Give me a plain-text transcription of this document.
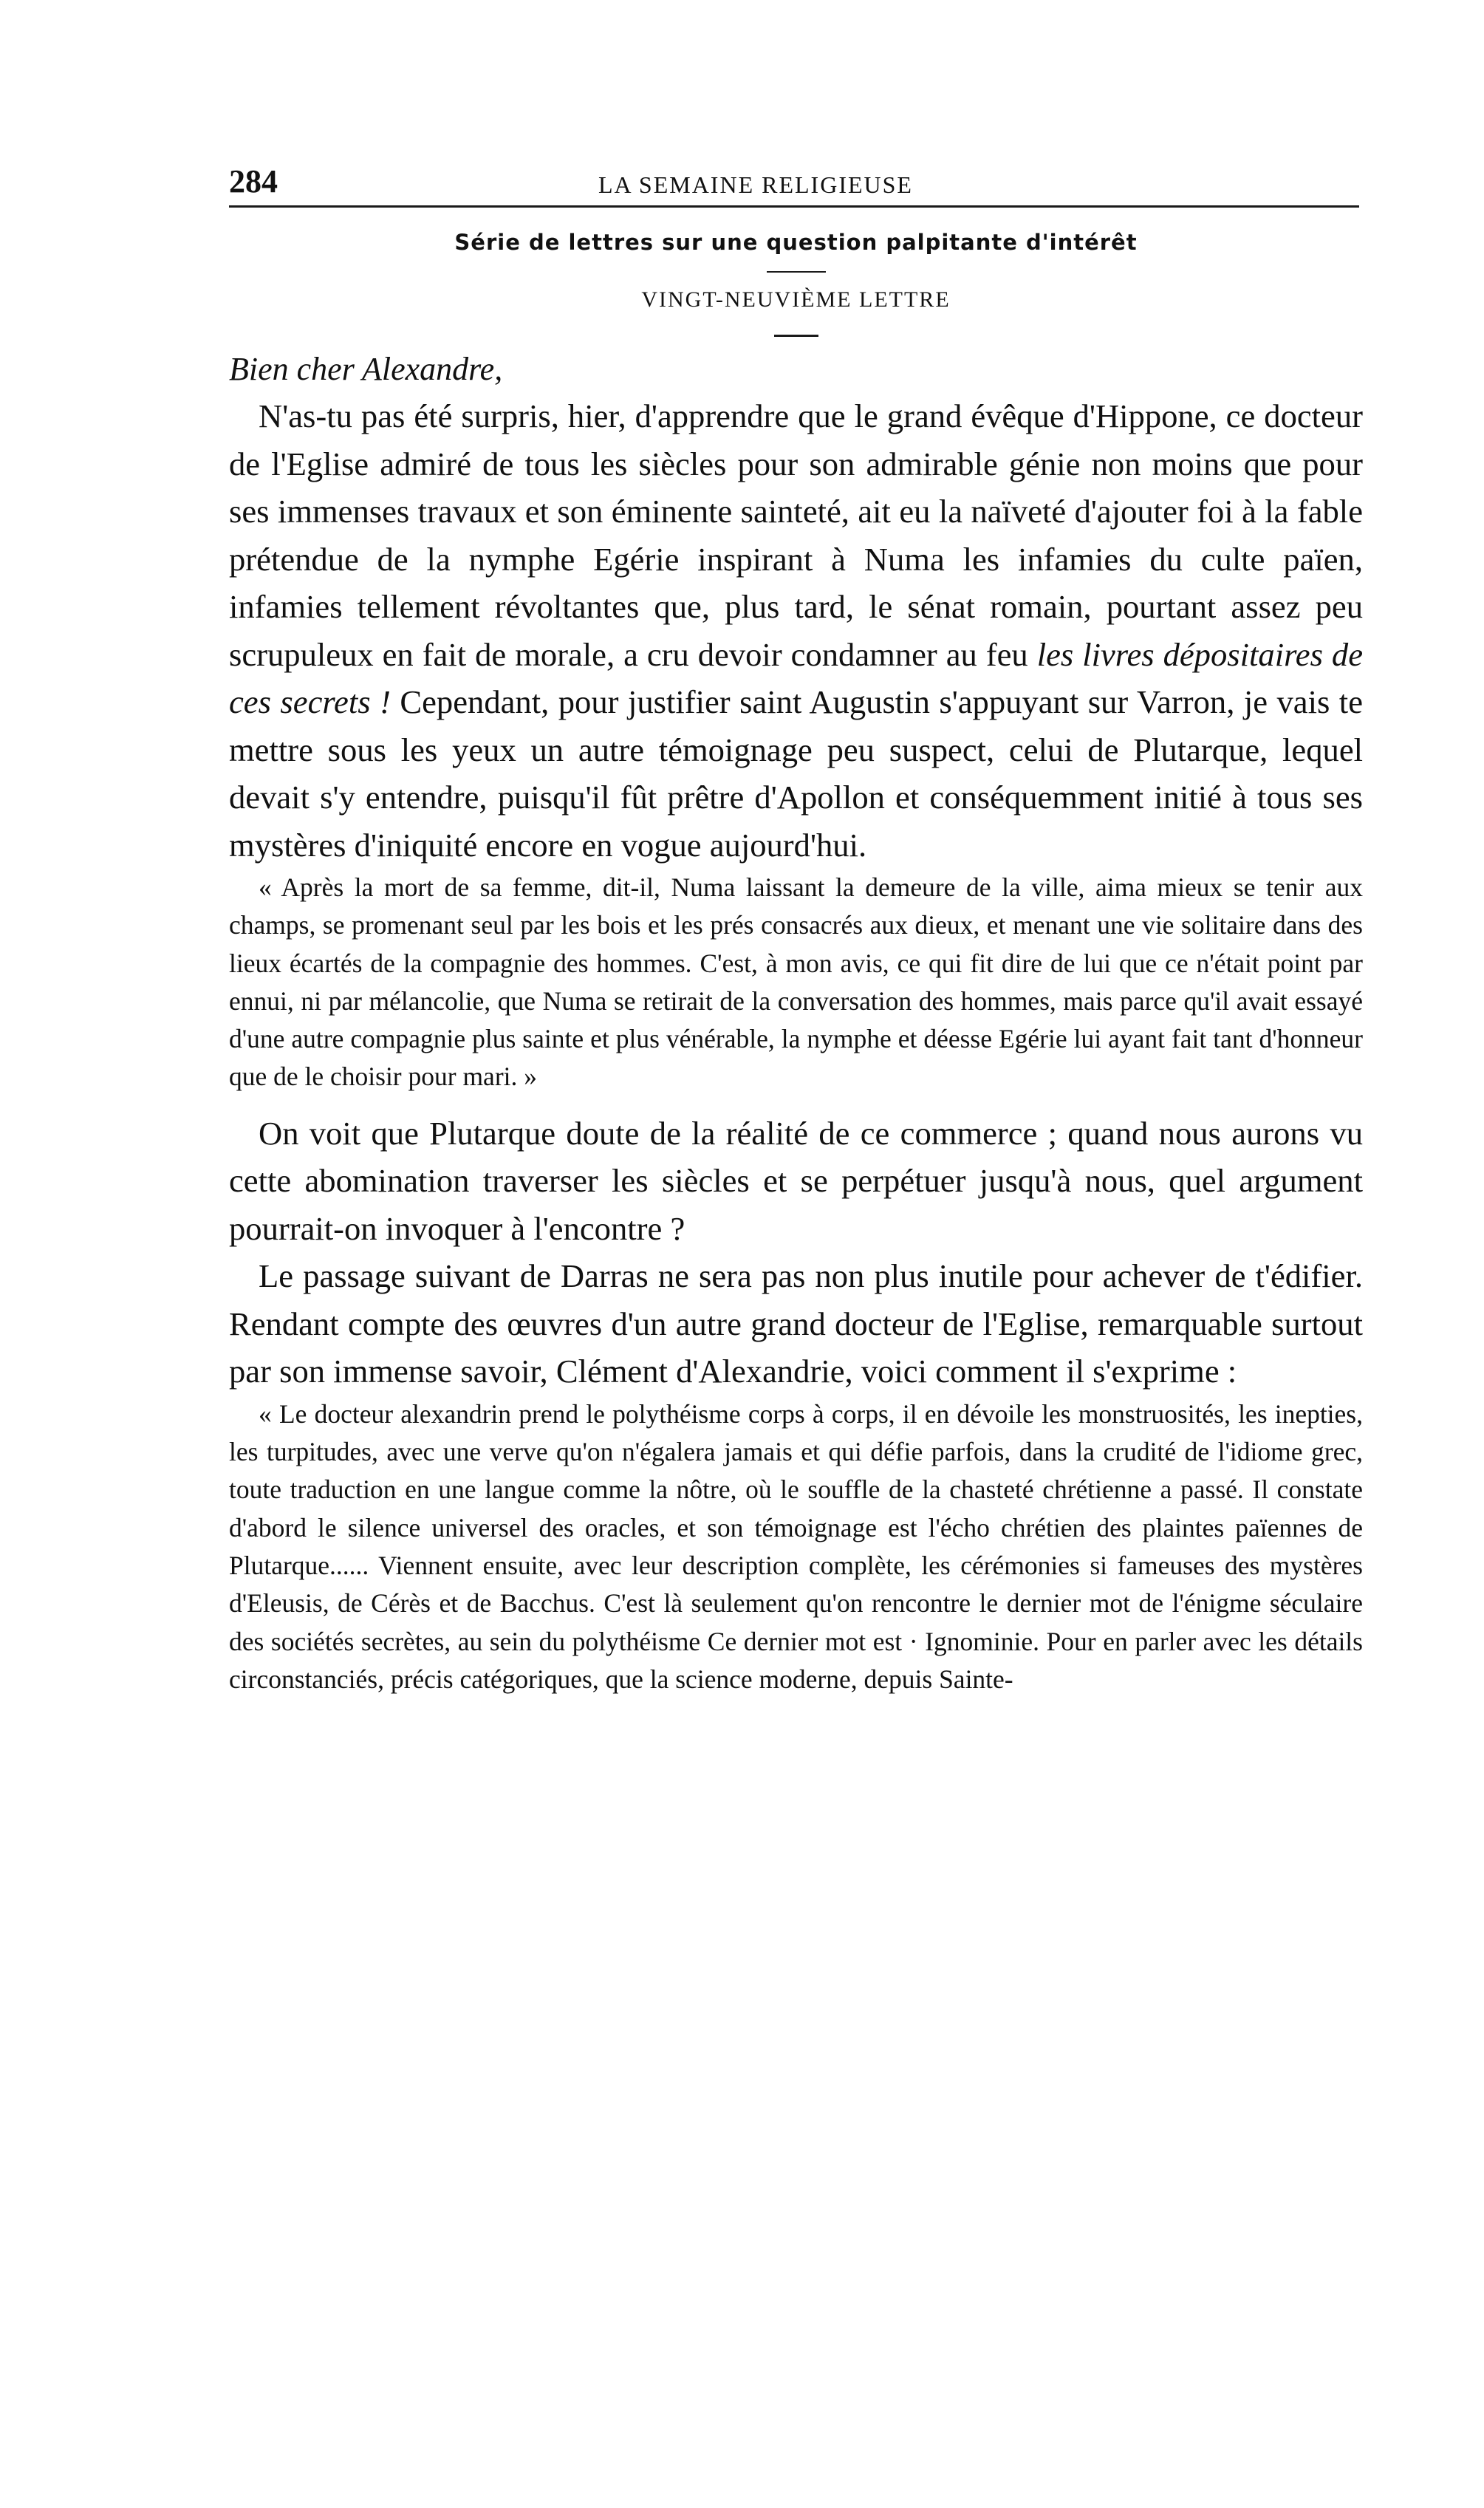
284	LA SEMAINE RELIGIEUSE
Série de lettres sur une question palpitante d'intérêt
VINGT-NEUVIÈME LETTRE
Bien cher Alexandre,

N'as-tu pas été surpris, hier, d'apprendre que le grand évêque d'Hippone, ce docteur de l'Eglise admiré de tous les siècles pour son admirable génie non moins que pour ses immenses travaux et son éminente sainteté, ait eu la naïveté d'ajouter foi à la fable prétendue de la nymphe Egérie inspirant à Numa les infamies du culte païen, infamies tellement révoltantes que, plus tard, le sénat romain, pourtant assez peu scrupuleux en fait de morale, a cru devoir condamner au feu les livres dépositaires de ces secrets ! Cependant, pour justifier saint Augustin s'appuyant sur Varron, je vais te mettre sous les yeux un autre témoignage peu suspect, celui de Plutarque, lequel devait s'y entendre, puisqu'il fût prêtre d'Apollon et conséquemment initié à tous ses mystères d'iniquité encore en vogue aujourd'hui.

« Après la mort de sa femme, dit-il, Numa laissant la demeure de la ville, aima mieux se tenir aux champs, se promenant seul par les bois et les prés consacrés aux dieux, et menant une vie solitaire dans des lieux écartés de la compagnie des hommes. C'est, à mon avis, ce qui fit dire de lui que ce n'était point par ennui, ni par mélancolie, que Numa se retirait de la conversation des hommes, mais parce qu'il avait essayé d'une autre compagnie plus sainte et plus vénérable, la nymphe et déesse Egérie lui ayant fait tant d'honneur que de le choisir pour mari. »

On voit que Plutarque doute de la réalité de ce commerce ; quand nous aurons vu cette abomination traverser les siècles et se perpétuer jusqu'à nous, quel argument pourrait-on invoquer à l'encontre ?

Le passage suivant de Darras ne sera pas non plus inutile pour achever de t'édifier. Rendant compte des œuvres d'un autre grand docteur de l'Eglise, remarquable surtout par son immense savoir, Clément d'Alexandrie, voici comment il s'exprime :

« Le docteur alexandrin prend le polythéisme corps à corps, il en dévoile les monstruosités, les inepties, les turpitudes, avec une verve qu'on n'égalera jamais et qui défie parfois, dans la crudité de l'idiome grec, toute traduction en une langue comme la nôtre, où le souffle de la chasteté chrétienne a passé. Il constate d'abord le silence universel des oracles, et son témoignage est l'écho chrétien des plaintes païennes de Plutarque...... Viennent ensuite, avec leur description complète, les cérémonies si fameuses des mystères d'Eleusis, de Cérès et de Bacchus. C'est là seulement qu'on rencontre le dernier mot de l'énigme séculaire des sociétés secrètes, au sein du polythéisme Ce dernier mot est · Ignominie. Pour en parler avec les détails circonstanciés, précis catégoriques, que la science moderne, depuis Sainte-
